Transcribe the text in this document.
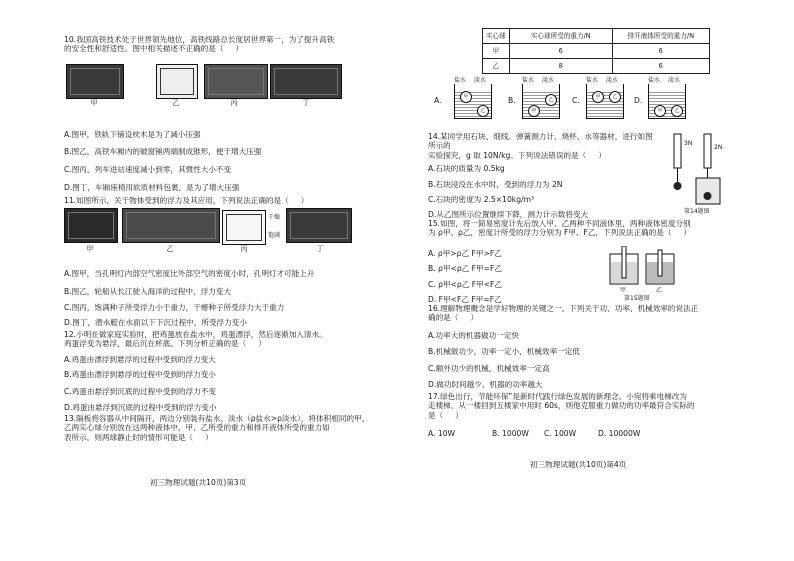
10.我国高铁技术处于世界领先地位，高铁线路总长度居世界第一，为了提升高铁
的安全性和舒适性。图中相关描述不正确的是（     ）
甲	乙	丙	丁
A.图甲，铁轨下铺设枕木是为了减小压强
B.图乙，高铁车厢内的破窗锤两端制成锥形，便于增大压强
C.图丙，列车进站速度减小到零，其惯性大小不变
D.图丁，车厢座椅用软质材料包裹，是为了增大压强
11.如图所示，关于物体受到的浮力及其应用，下列说法正确的是（     ）
干燥
饱满
甲	乙	丙	丁
A.图甲，当孔明灯内部空气密度比外部空气的密度小时，孔明灯才可能上升
B.图乙，轮船从长江驶入海洋的过程中，浮力变大
C.图丙，饱满种子所受浮力小于重力，干瘪种子所受浮力大于重力
D.图丁，潜水艇在水面以下下沉过程中，所受浮力变小
12.小明在做家庭实验时，把鸡蛋放在盐水中，鸡蛋漂浮，然后逐渐加入清水。
鸡蛋浮变为悬浮，最后沉在杯底。下列分析正确的是（     ）
A.鸡蛋由漂浮到悬浮的过程中受到的浮力变大
B.鸡蛋由漂浮到悬浮的过程中受到的浮力变小
C.鸡蛋由悬浮到沉底的过程中受到的浮力不变
D.鸡蛋由悬浮到沉底的过程中受到的浮力变小
13.隔板将容器从中间隔开，两边分别装有盐水、淡水（ρ盐水>ρ淡水），将体积相同的甲、
乙两实心球分别放在这两种液体中，甲、乙所受的重力和排开液体所受的重力如
表所示，则两球静止时的情形可能是（     ）
初三物理试题(共10页)第3页
实心球	实心球所受的重力/N	排开液体所受的重力/N
甲	6	6
乙	8	6
A.	甲
乙
盐水 淡水
B.
甲
乙
盐水 淡水
C.	甲	乙
盐水 淡水
D.
甲	乙
盐水 淡水
14.某同学用石块、细线、弹簧测力计、烧杯、水等器材，进行如图所示的
实验探究，g 取 10N/kg。下列说法错误的是（     ）
3N
2N
第14题图
A.石块的质量为 0.5kg
B.石块浸没在水中时，受到的浮力为 2N
C.石块的密度为 2.5×10kg/m³
D.从乙图所示位置继续下降，测力计示数将变大
15.如图，将一简易密度计先后放入甲、乙两种不同液体里，两种液体密度分别
为 ρ甲、ρ乙，密度计所受的浮力分别为 F甲、F乙，下列说法正确的是（     ）
A. ρ甲>ρ乙 F甲>F乙
B. ρ甲<ρ乙 F甲=F乙
C. ρ甲<ρ乙 F甲<F乙
D. F甲<F乙 F甲=F乙
甲	乙
第15题图
16.理解物理概念是学好物理的关键之一。下列关于功、功率、机械效率的说法正
确的是（     ）
A.功率大的机器做功一定快
B.机械做功少，功率一定小，机械效率一定低
C.额外功少的机械，机械效率一定高
D.做功时间越少，机器的功率越大
17.绿色出行，节能环保”是新时代践行绿色发展的新理念。小宛将乘电梯改为
走楼梯，从一楼回到五楼家中用时 60s，则他克服重力做功的功率最符合实际的
是（     ）
A. 10W	B. 1000W C. 100W	D. 10000W
初三物理试题(共10页)第4页
